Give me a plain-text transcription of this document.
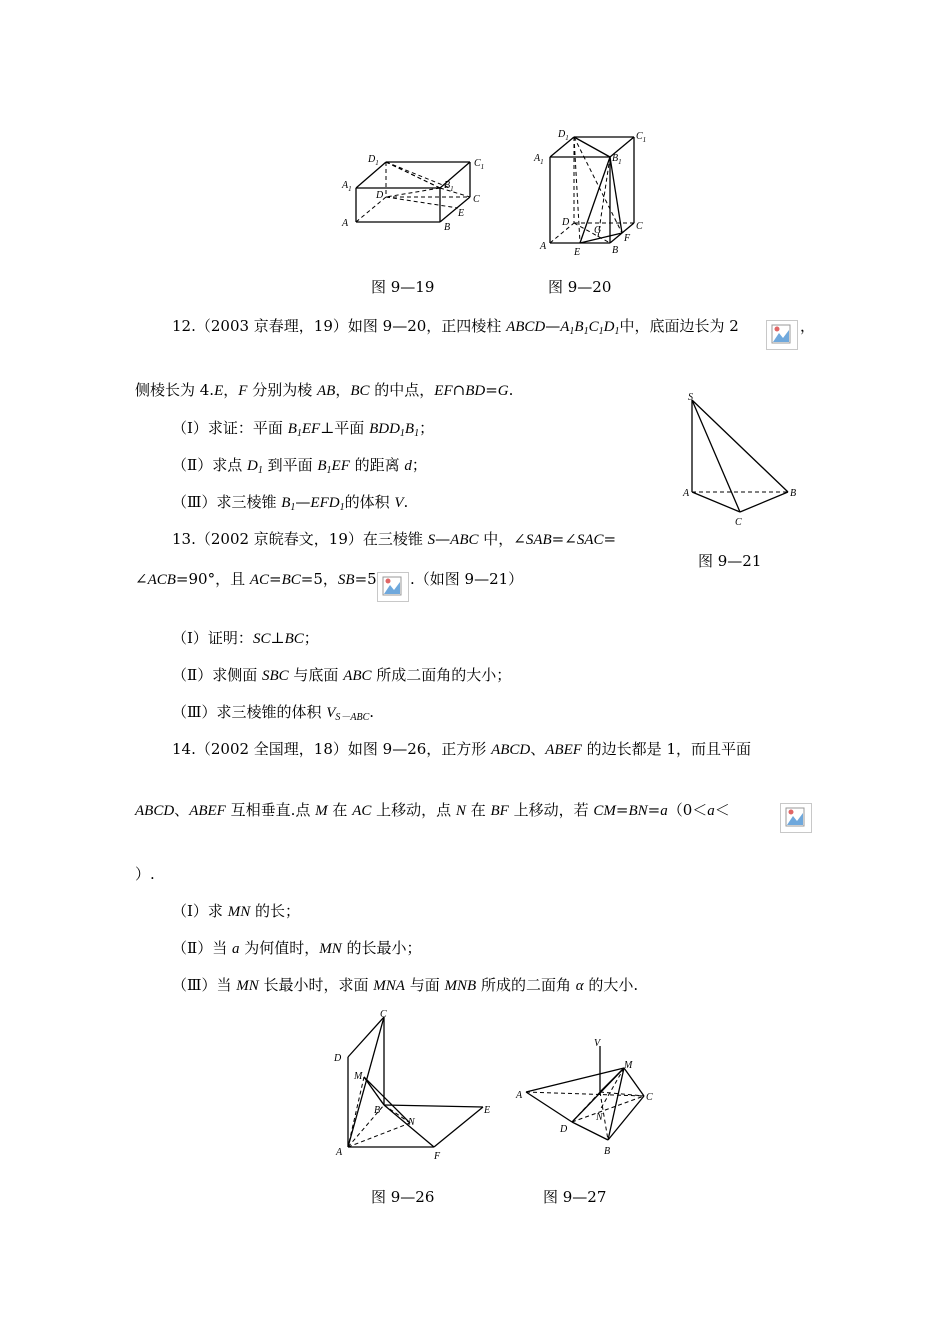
A
$A_1$
$D_1$	$C_1$
$B_1$
D	C
E
B
$A_1$
$D_1$	$C_1$
$B_1$
D	C
G
F
A
E	B
图 9—19	图 9—20
12.（2003 京春理，19）如图 9—20，正四棱柱 $ABCD—A_1B_1C_1D_1$中，底面边长为 2	，
侧棱长为 4.E，F 分别为棱 AB，BC 的中点，EF∩BD=G.
（Ⅰ）求证：平面 $B_1EF\perp$平面 $BDD_1B_1$；
（Ⅱ）求点 $D_1$ 到平面 $B_1EF$ 的距离 d；
（Ⅲ）求三棱锥 $B_1—EFD_1$的体积 V.
S
A	B
C
图 9—21
13.（2002 京皖春文，19）在三棱锥 S—ABC 中，∠SAB=∠SAC=
∠ACB=90°，且 AC=BC=5，SB=5 .（如图 9—21）
（Ⅰ）证明：SC⊥BC；
（Ⅱ）求侧面 SBC 与底面 ABC 所成二面角的大小；
（Ⅲ）求三棱锥的体积 $V_{S-ABC}$.
14.（2002 全国理，18）如图 9—26，正方形 ABCD、ABEF 的边长都是 1，而且平面
ABCD、ABEF 互相垂直.点 M 在 AC 上移动，点 N 在 BF 上移动，若 CM=BN=a（0＜a＜
）.
（Ⅰ）求 MN 的长；
（Ⅱ）当 a 为何值时，MN 的长最小；
（Ⅲ）当 MN 长最小时，求面 MNA 与面 MNB 所成的二面角 α 的大小.
C
D
M
B
N
E
A	F
V
M
A	C
D
N
B
图 9—26	图 9—27
